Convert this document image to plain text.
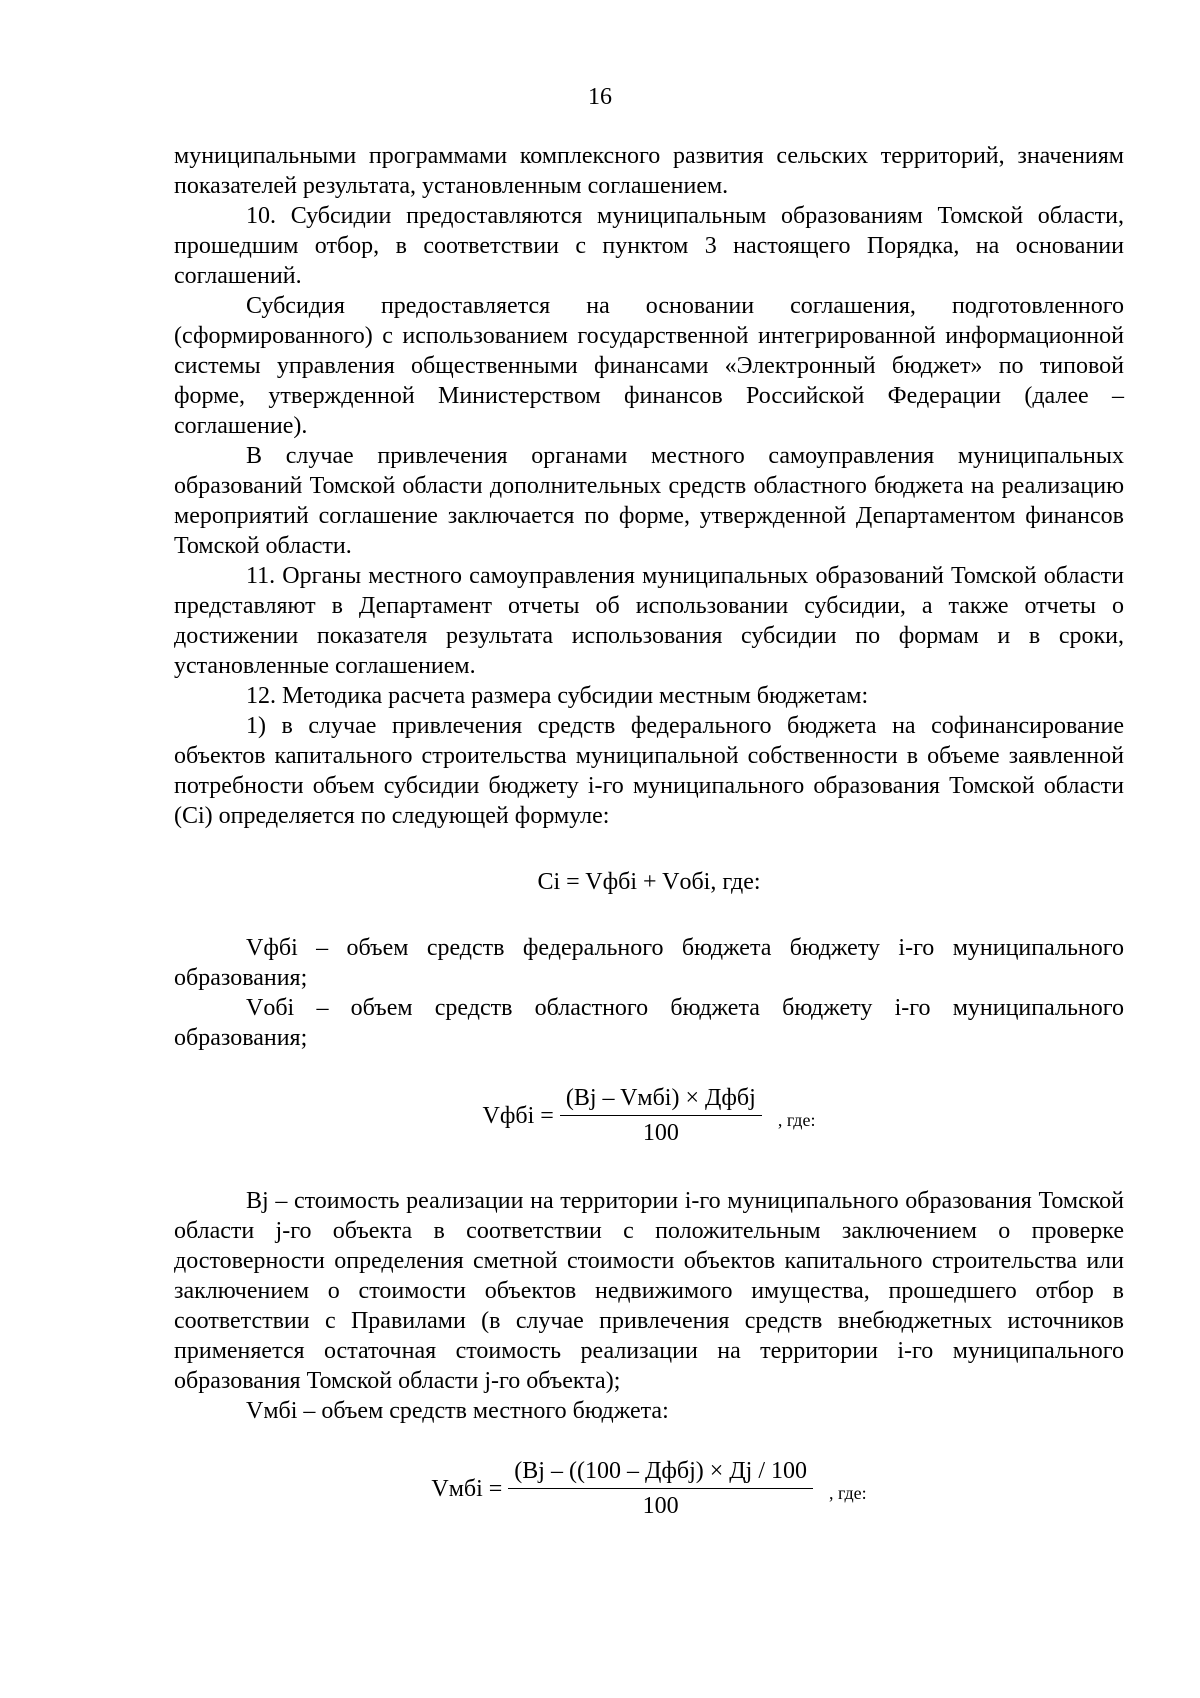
16

муниципальными программами комплексного развития сельских территорий, значениям показателей результата, установленным соглашением.

10. Субсидии предоставляются муниципальным образованиям Томской области, прошедшим отбор, в соответствии с пунктом 3 настоящего Порядка, на основании соглашений.

Субсидия предоставляется на основании соглашения, подготовленного (сформированного) с использованием государственной интегрированной информационной системы управления общественными финансами «Электронный бюджет» по типовой форме, утвержденной Министерством финансов Российской Федерации (далее – соглашение).

В случае привлечения органами местного самоуправления муниципальных образований Томской области дополнительных средств областного бюджета на реализацию мероприятий соглашение заключается по форме, утвержденной Департаментом финансов Томской области.

11. Органы местного самоуправления муниципальных образований Томской области представляют в Департамент отчеты об использовании субсидии, а также отчеты о достижении показателя результата использования субсидии по формам и в сроки, установленные соглашением.

12. Методика расчета размера субсидии местным бюджетам:

1) в случае привлечения средств федерального бюджета на софинансирование объектов капитального строительства муниципальной собственности в объеме заявленной потребности объем субсидии бюджету i-го муниципального образования Томской области (Ci) определяется по следующей формуле:

Ci = Vфбi + Vобi, где:

Vфбi – объем средств федерального бюджета бюджету i-го муниципального образования;

Vобi – объем средств областного бюджета бюджету i-го муниципального образования;

Vфбi = $\frac{\text{(Bj – Vмбi) × Дфбj}}{100}$ , где:

Bj – стоимость реализации на территории i-го муниципального образования Томской области j-го объекта в соответствии с положительным заключением о проверке достоверности определения сметной стоимости объектов капитального строительства или заключением о стоимости объектов недвижимого имущества, прошедшего отбор в соответствии с Правилами (в случае привлечения средств внебюджетных источников применяется остаточная стоимость реализации на территории i-го муниципального образования Томской области j-го объекта);

Vмбi – объем средств местного бюджета:

Vмбi = $\frac{\text{(Bj – ((100 – Дфбj) × Дj / 100}}{100}$ , где:
